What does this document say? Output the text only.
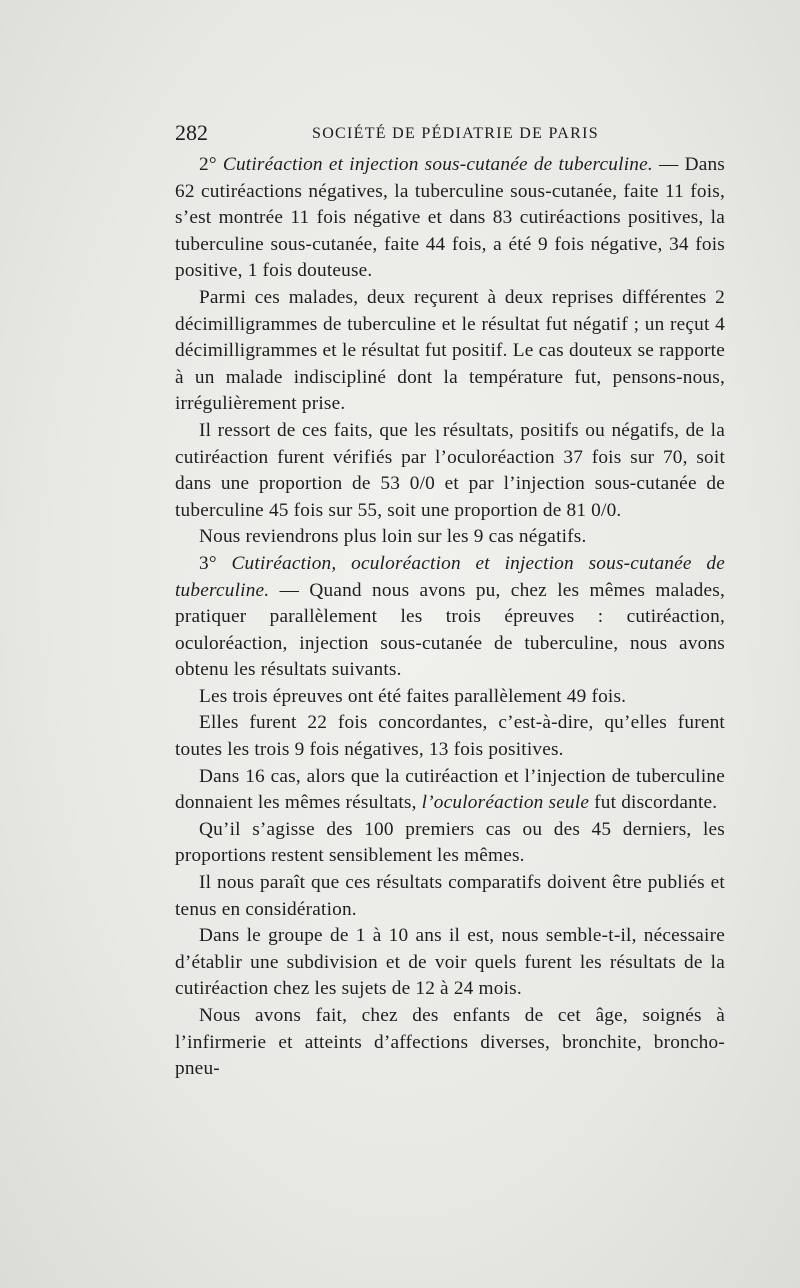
282	SOCIÉTÉ DE PÉDIATRIE DE PARIS

2° Cutiréaction et injection sous-cutanée de tuberculine. — Dans 62 cutiréactions négatives, la tuberculine sous-cutanée, faite 11 fois, s’est montrée 11 fois négative et dans 83 cutiréactions positives, la tuberculine sous-cutanée, faite 44 fois, a été 9 fois négative, 34 fois positive, 1 fois douteuse.

Parmi ces malades, deux reçurent à deux reprises différentes 2 décimilligrammes de tuberculine et le résultat fut négatif ; un reçut 4 décimilligrammes et le résultat fut positif. Le cas douteux se rapporte à un malade indiscipliné dont la température fut, pensons-nous, irrégulièrement prise.

Il ressort de ces faits, que les résultats, positifs ou négatifs, de la cutiréaction furent vérifiés par l’oculoréaction 37 fois sur 70, soit dans une proportion de 53 0/0 et par l’injection sous-cutanée de tuberculine 45 fois sur 55, soit une proportion de 81 0/0.

Nous reviendrons plus loin sur les 9 cas négatifs.

3° Cutiréaction, oculoréaction et injection sous-cutanée de tuberculine. — Quand nous avons pu, chez les mêmes malades, pratiquer parallèlement les trois épreuves : cutiréaction, oculoréaction, injection sous-cutanée de tuberculine, nous avons obtenu les résultats suivants.

Les trois épreuves ont été faites parallèlement 49 fois.

Elles furent 22 fois concordantes, c’est-à-dire, qu’elles furent toutes les trois 9 fois négatives, 13 fois positives.

Dans 16 cas, alors que la cutiréaction et l’injection de tuberculine donnaient les mêmes résultats, l’oculoréaction seule fut discordante.

Qu’il s’agisse des 100 premiers cas ou des 45 derniers, les proportions restent sensiblement les mêmes.

Il nous paraît que ces résultats comparatifs doivent être publiés et tenus en considération.

Dans le groupe de 1 à 10 ans il est, nous semble-t-il, nécessaire d’établir une subdivision et de voir quels furent les résultats de la cutiréaction chez les sujets de 12 à 24 mois.

Nous avons fait, chez des enfants de cet âge, soignés à l’infirmerie et atteints d’affections diverses, bronchite, broncho-pneu-
